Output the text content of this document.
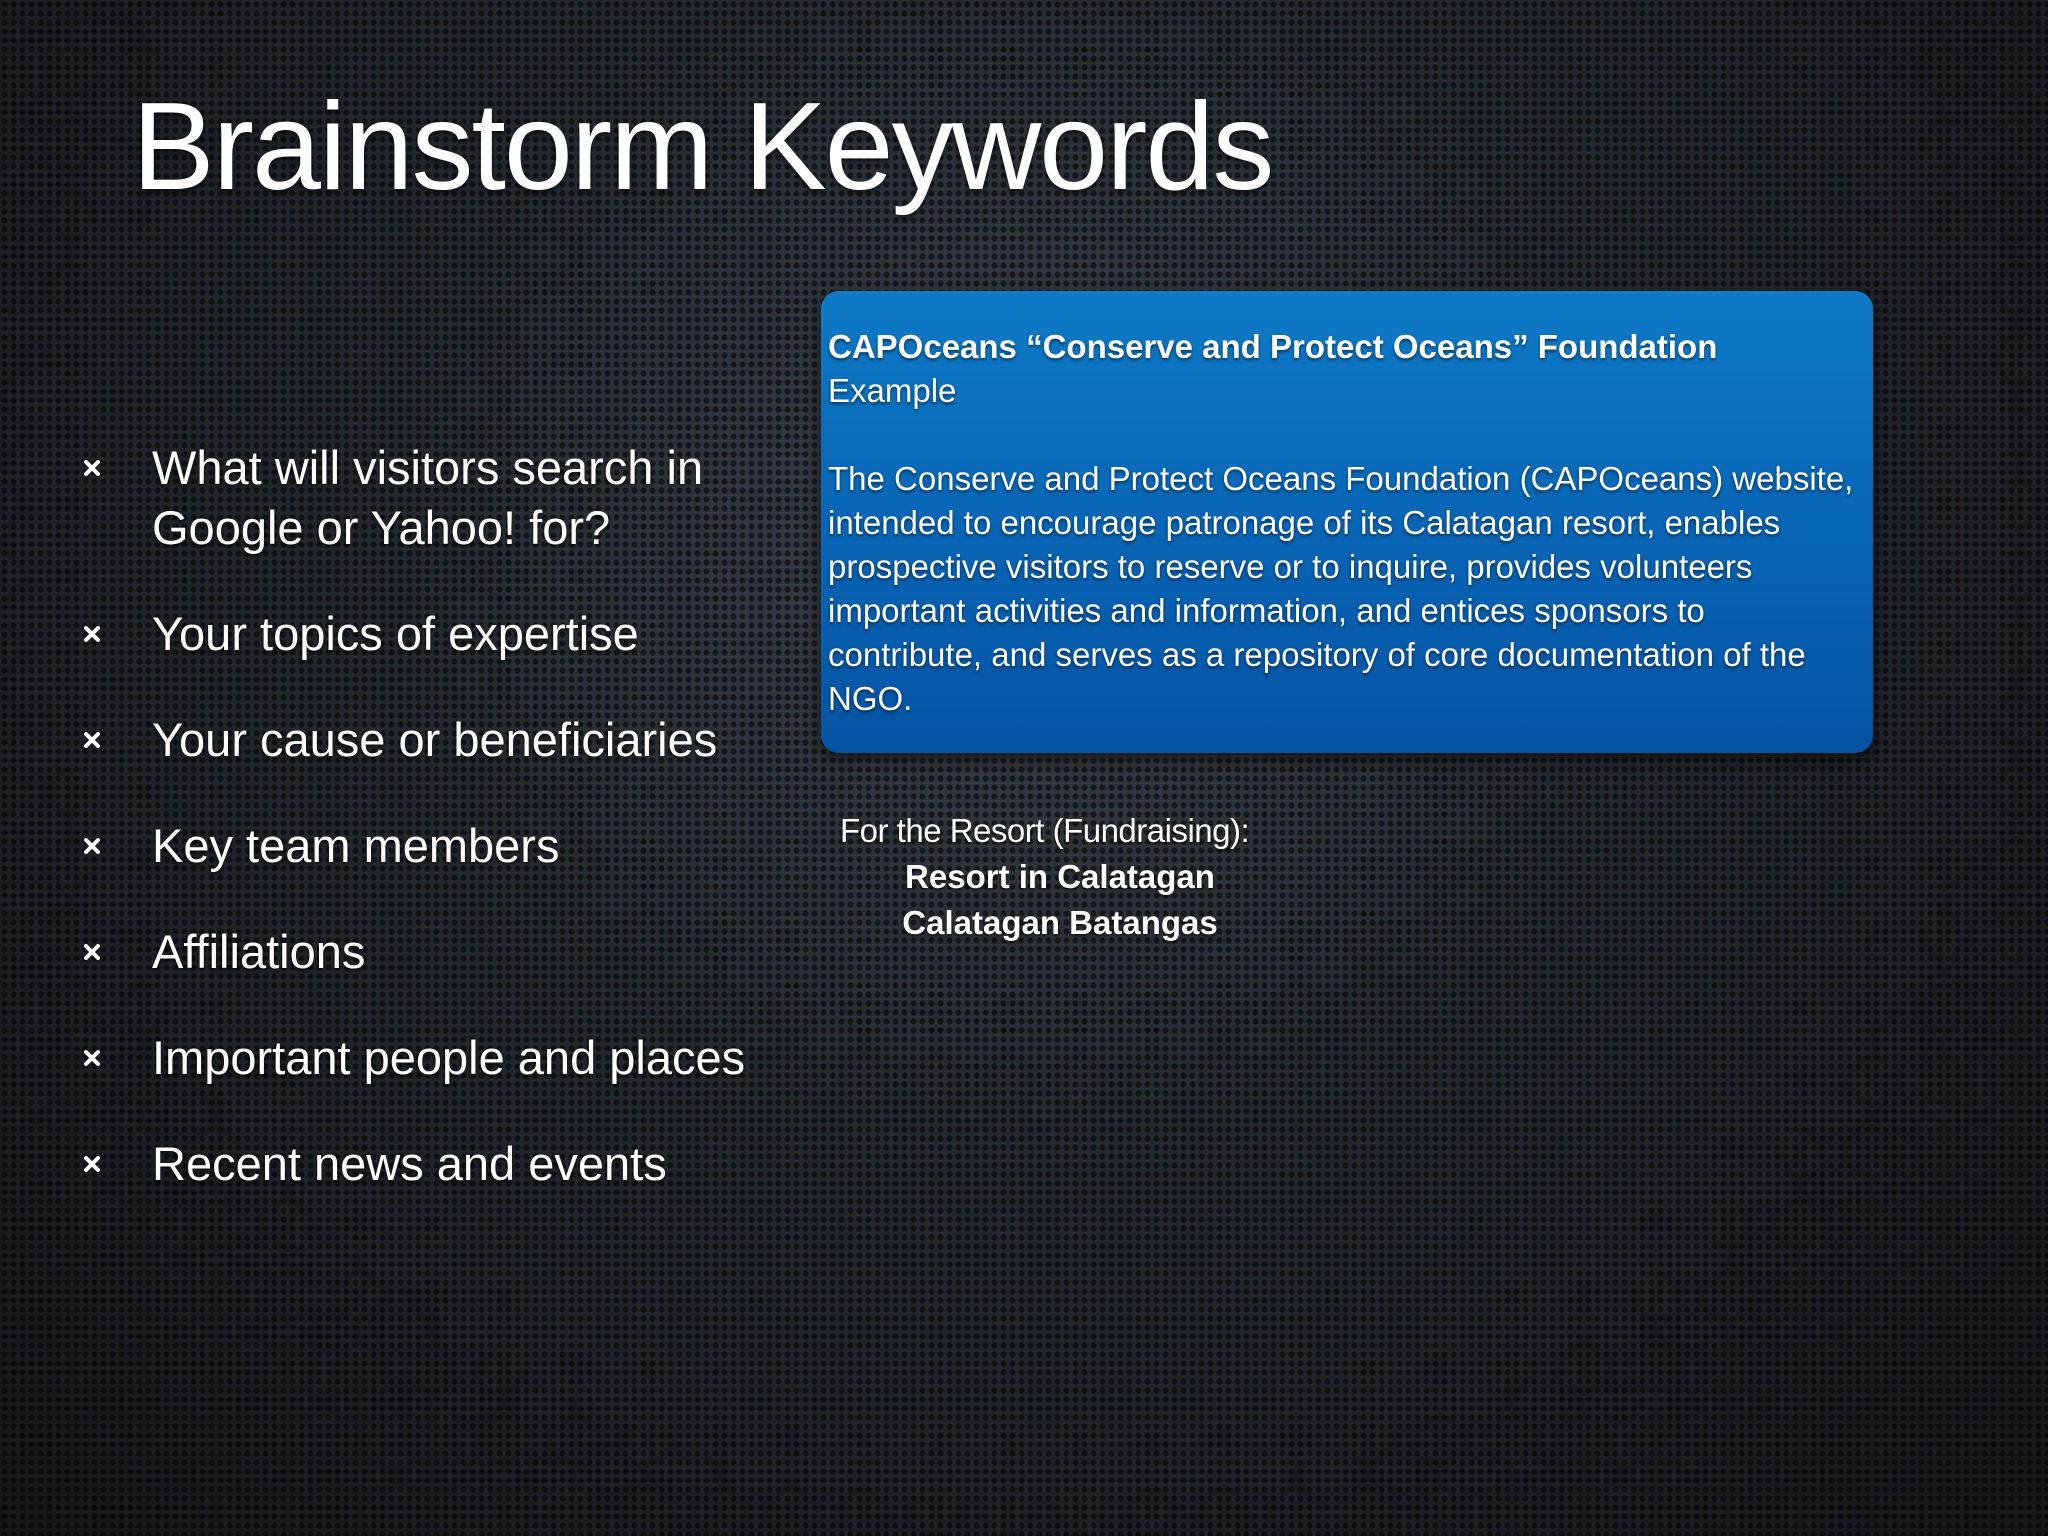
Brainstorm Keywords
What will visitors search in Google or Yahoo! for?
Your topics of expertise
Your cause or beneficiaries
Key team members
Affiliations
Important people and places
Recent news and events
CAPOceans “Conserve and Protect Oceans” Foundation
Example
The Conserve and Protect Oceans Foundation (CAPOceans) website, intended to encourage patronage of its Calatagan resort, enables prospective visitors to reserve or to inquire, provides volunteers important activities and information, and entices sponsors to contribute, and serves as a repository of core documentation of the NGO.
For the Resort (Fundraising):
Resort in Calatagan
Calatagan Batangas
